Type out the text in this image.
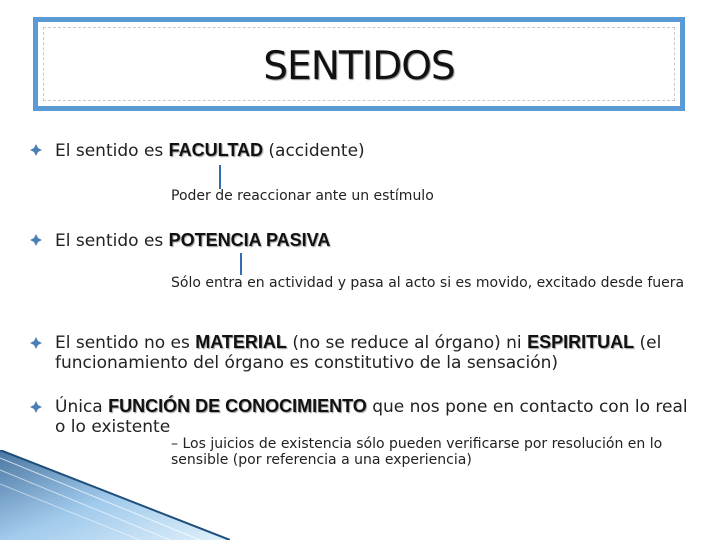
SENTIDOS
El sentido es FACULTAD (accidente)
Poder de reaccionar ante un estímulo
El sentido es POTENCIA PASIVA
Sólo entra en actividad y pasa al acto si es movido, excitado desde fuera
El sentido no es MATERIAL (no se reduce al órgano) ni ESPIRITUAL (el funcionamiento del órgano es constitutivo de la sensación)
Única FUNCIÓN DE CONOCIMIENTO que nos pone en contacto con lo real o lo existente
– Los juicios de existencia sólo pueden verificarse por resolución en lo sensible (por referencia a una experiencia)
